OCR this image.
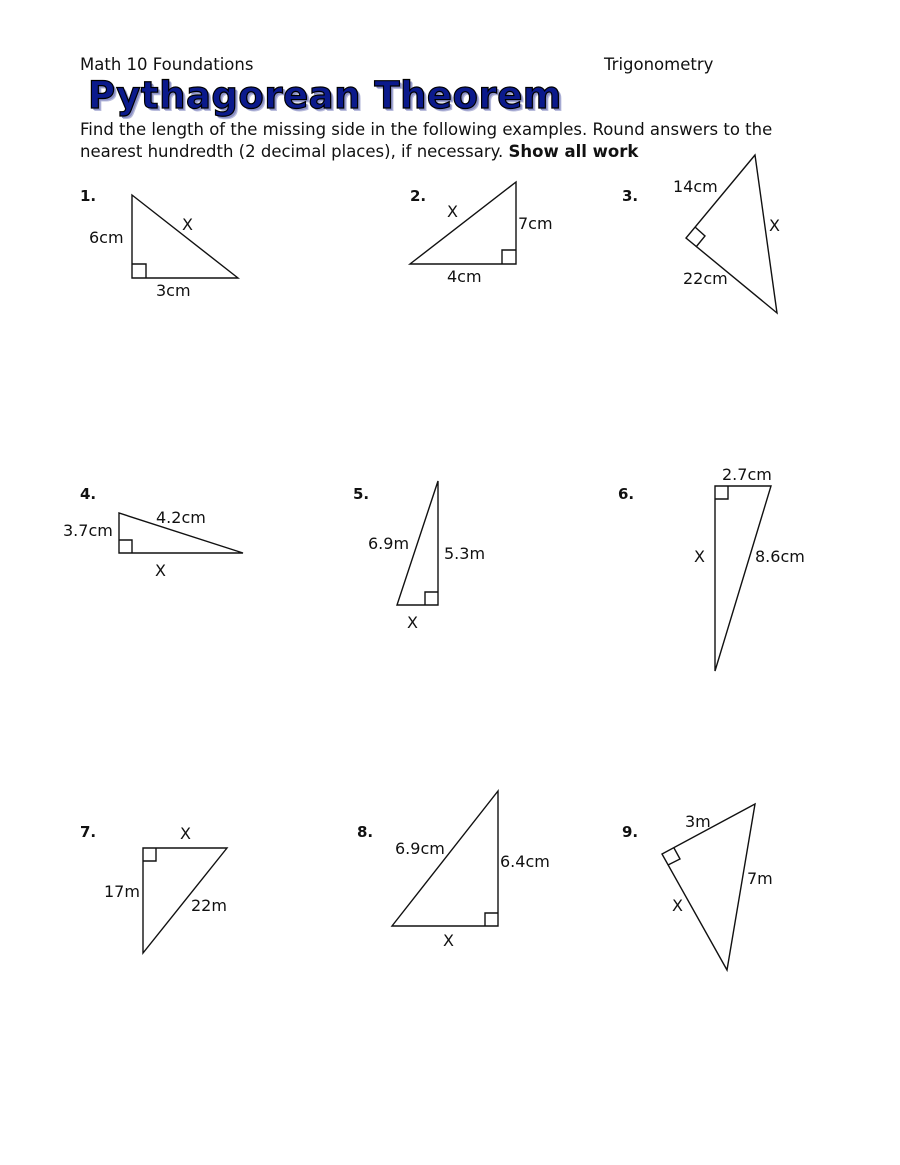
Math 10 Foundations	Trigonometry
Pythagorean Theorem
Find the length of the missing side in the following examples. Round answers to the nearest hundredth (2 decimal places), if necessary. Show all work
1.	2.	3.
4.	5.	6.
7.	8.	9.
6cm
X
3cm
X
7cm
4cm
14cm
X
22cm
3.7cm
4.2cm
X
6.9m
5.3m
X
2.7cm
X	8.6cm
X
17m
22m
6.9cm
6.4cm
X
3m
7m
X
